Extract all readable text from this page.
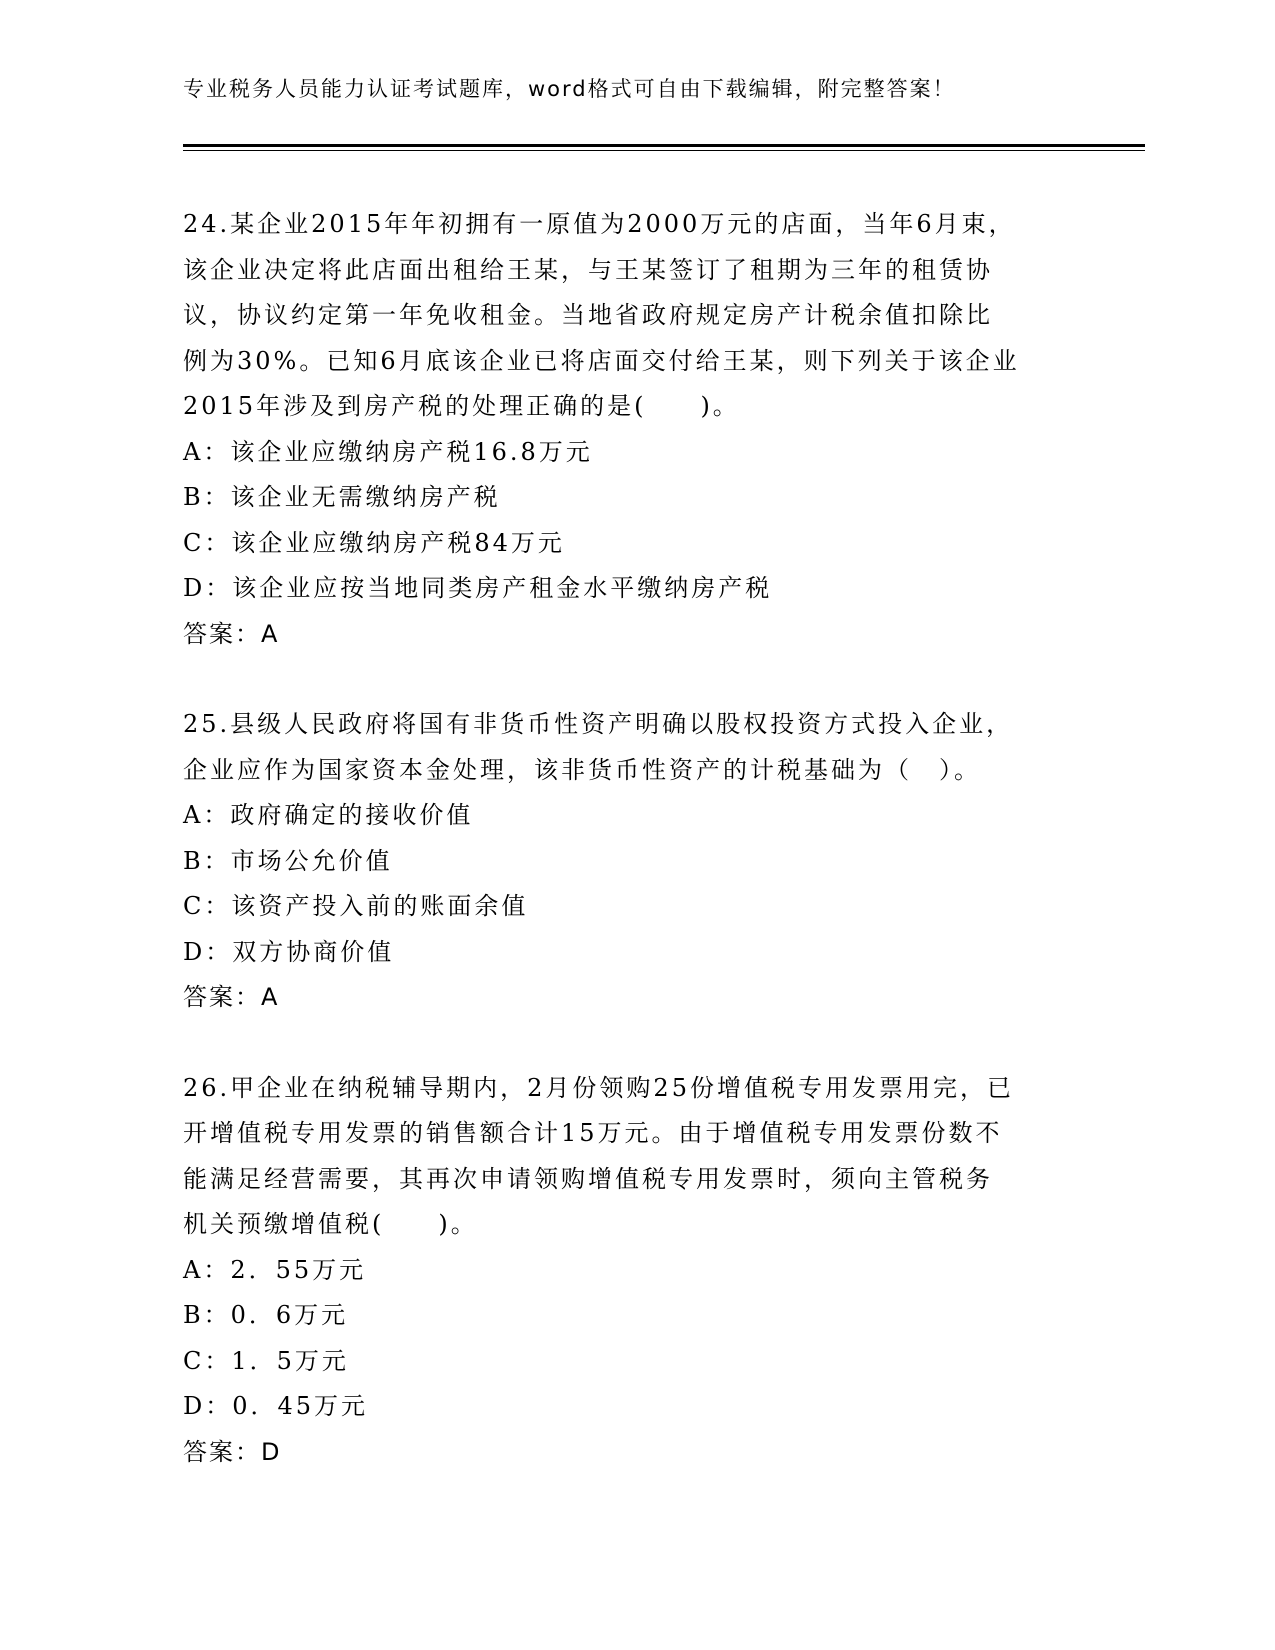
专业税务人员能力认证考试题库，word格式可自由下载编辑，附完整答案！
24.某企业2015年年初拥有一原值为2000万元的店面，当年6月束，
该企业决定将此店面出租给王某，与王某签订了租期为三年的租赁协
议，协议约定第一年免收租金。当地省政府规定房产计税余值扣除比
例为30%。已知6月底该企业已将店面交付给王某，则下列关于该企业
2015年涉及到房产税的处理正确的是(　　)。
A：该企业应缴纳房产税16.8万元
B：该企业无需缴纳房产税
C：该企业应缴纳房产税84万元
D：该企业应按当地同类房产租金水平缴纳房产税
答案：A
25.县级人民政府将国有非货币性资产明确以股权投资方式投入企业，
企业应作为国家资本金处理，该非货币性资产的计税基础为（　）。
A：政府确定的接收价值
B：市场公允价值
C：该资产投入前的账面余值
D：双方协商价值
答案：A
26.甲企业在纳税辅导期内，2月份领购25份增值税专用发票用完，已
开增值税专用发票的销售额合计15万元。由于增值税专用发票份数不
能满足经营需要，其再次申请领购增值税专用发票时，须向主管税务
机关预缴增值税(　　)。
A：2．55万元
B：0．6万元
C：1．5万元
D：0．45万元
答案：D
